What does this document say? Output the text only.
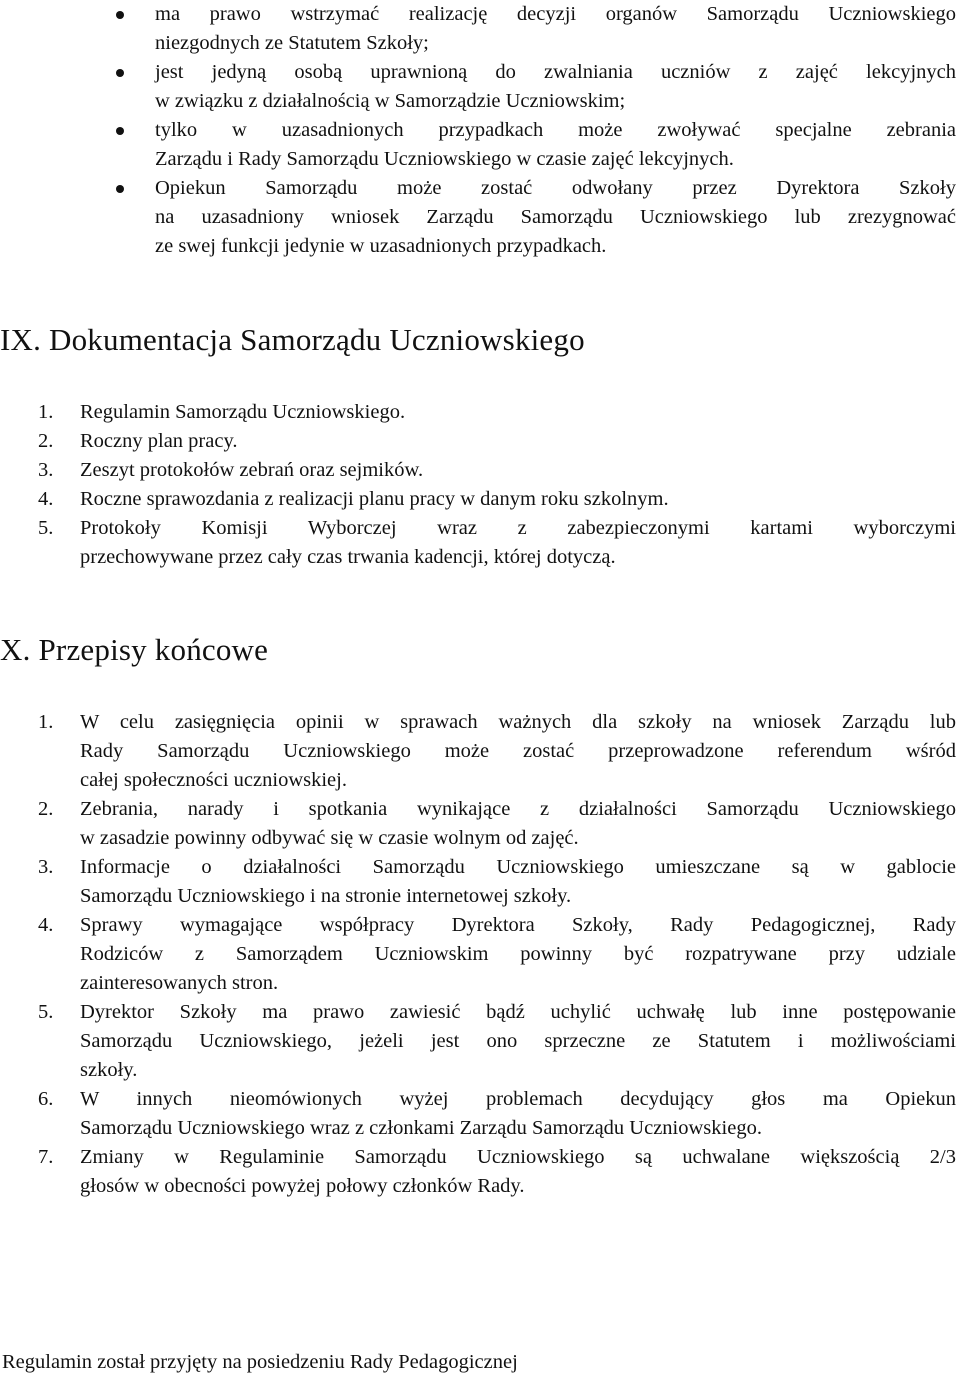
ma prawo wstrzymać realizację decyzji organów Samorządu Uczniowskiego
niezgodnych ze Statutem Szkoły;
jest jedyną osobą uprawnioną do zwalniania uczniów z zajęć lekcyjnych
w związku z działalnością w Samorządzie Uczniowskim;
tylko w uzasadnionych przypadkach może zwoływać specjalne zebrania
Zarządu i Rady Samorządu Uczniowskiego w czasie zajęć lekcyjnych.
Opiekun Samorządu może zostać odwołany przez Dyrektora Szkoły
na uzasadniony wniosek Zarządu Samorządu Uczniowskiego lub zrezygnować
ze swej funkcji jedynie w uzasadnionych przypadkach.
IX. Dokumentacja Samorządu Uczniowskiego
1. Regulamin Samorządu Uczniowskiego.
2. Roczny plan pracy.
3. Zeszyt protokołów zebrań oraz sejmików.
4. Roczne sprawozdania z realizacji planu pracy w danym roku szkolnym.
5. Protokoły Komisji Wyborczej wraz z zabezpieczonymi kartami wyborczymi
przechowywane przez cały czas trwania kadencji, której dotyczą.
X. Przepisy końcowe
1. W celu zasięgnięcia opinii w sprawach ważnych dla szkoły na wniosek Zarządu lub
Rady Samorządu Uczniowskiego może zostać przeprowadzone referendum wśród
całej społeczności uczniowskiej.
2. Zebrania, narady i spotkania wynikające z działalności Samorządu Uczniowskiego
w zasadzie powinny odbywać się w czasie wolnym od zajęć.
3. Informacje o działalności Samorządu Uczniowskiego umieszczane są w gablocie
Samorządu Uczniowskiego i na stronie internetowej szkoły.
4. Sprawy wymagające współpracy Dyrektora Szkoły, Rady Pedagogicznej, Rady
Rodziców z Samorządem Uczniowskim powinny być rozpatrywane przy udziale
zainteresowanych stron.
5. Dyrektor Szkoły ma prawo zawiesić bądź uchylić uchwałę lub inne postępowanie
Samorządu Uczniowskiego, jeżeli jest ono sprzeczne ze Statutem i możliwościami
szkoły.
6. W innych nieomówionych wyżej problemach decydujący głos ma Opiekun
Samorządu Uczniowskiego wraz z członkami Zarządu Samorządu Uczniowskiego.
7. Zmiany w Regulaminie Samorządu Uczniowskiego są uchwalane większością 2/3
głosów w obecności powyżej połowy członków Rady.
Regulamin został przyjęty na posiedzeniu Rady Pedagogicznej
